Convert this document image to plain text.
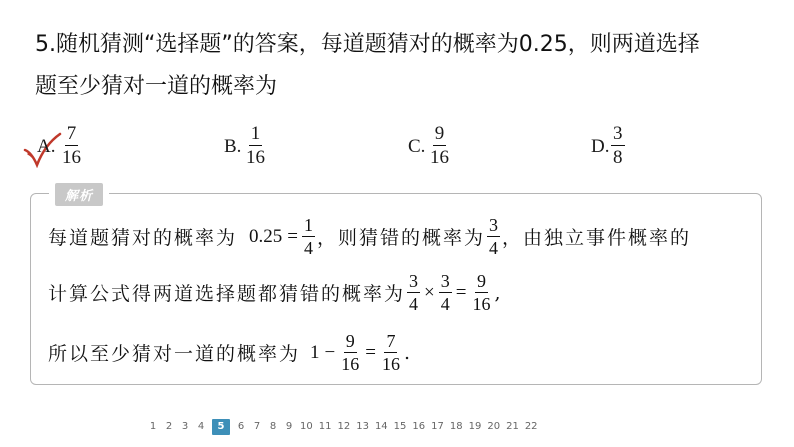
5.随机猜测“选择题”的答案，每道题猜对的概率为0.25，则两道选择
题至少猜对一道的概率为
A. $\frac{7}{16}$	B. $\frac{1}{16}$	C. $\frac{9}{16}$	D. $\frac{3}{8}$
解析
每道题猜对的概率为 $0.25 = \frac{1}{4}$ ，则猜错的概率为 $\frac{3}{4}$ ，由独立事件概率的
计算公式得两道选择题都猜错的概率为 $\frac{3}{4} \times \frac{3}{4} = \frac{9}{16}$ ,
所以至少猜对一道的概率为 $1 - \frac{9}{16} = \frac{7}{16}$ .
1 2 3 4	5	6 7 8 9 10 11 12 13 14 15 16 17 18 19 20 21 22
